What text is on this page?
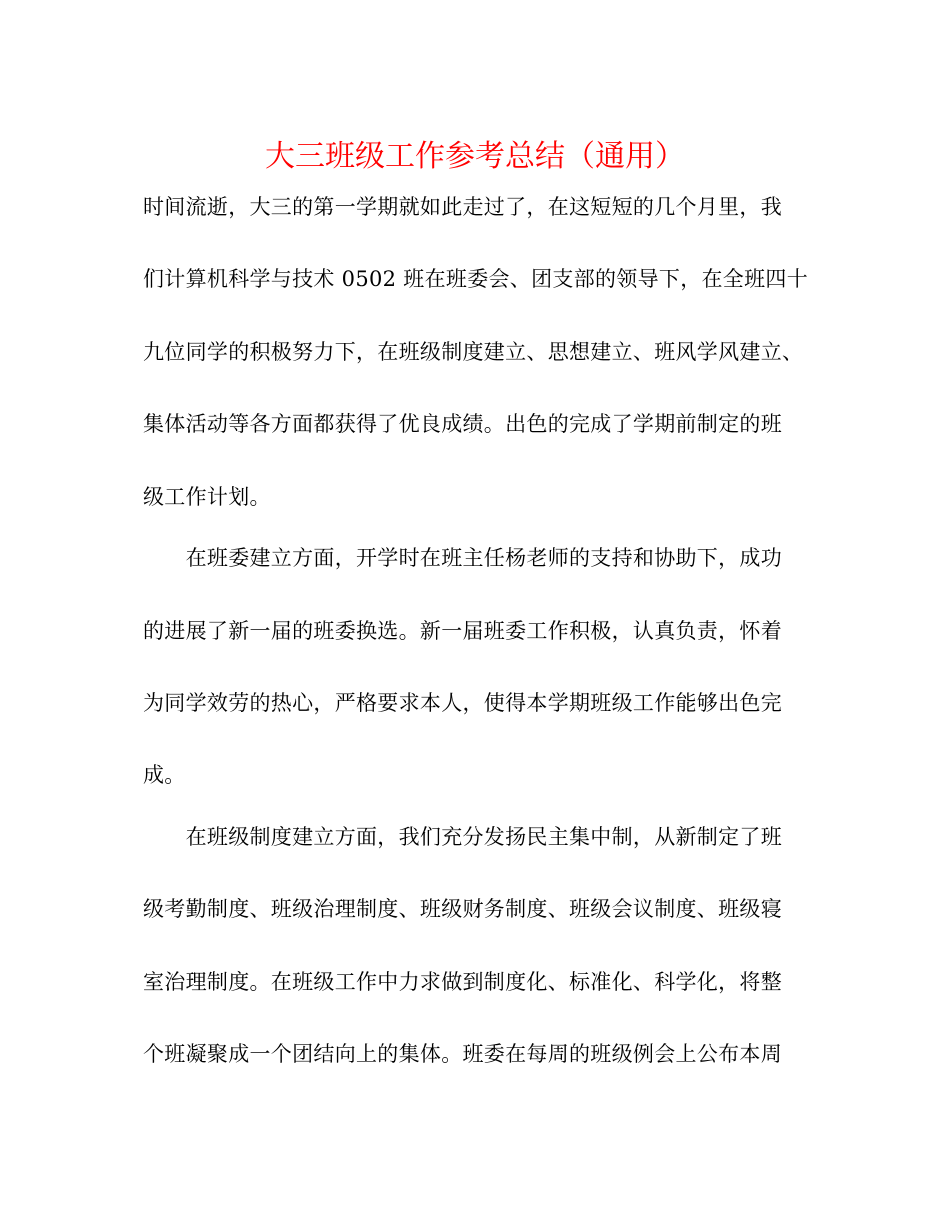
大三班级工作参考总结（通用）
时间流逝，大三的第一学期就如此走过了，在这短短的几个月里，我
们计算机科学与技术 0502 班在班委会、团支部的领导下，在全班四十
九位同学的积极努力下，在班级制度建立、思想建立、班风学风建立、
集体活动等各方面都获得了优良成绩。出色的完成了学期前制定的班
级工作计划。
　　在班委建立方面，开学时在班主任杨老师的支持和协助下，成功
的进展了新一届的班委换选。新一届班委工作积极，认真负责，怀着
为同学效劳的热心，严格要求本人，使得本学期班级工作能够出色完
成。
　　在班级制度建立方面，我们充分发扬民主集中制，从新制定了班
级考勤制度、班级治理制度、班级财务制度、班级会议制度、班级寝
室治理制度。在班级工作中力求做到制度化、标准化、科学化，将整
个班凝聚成一个团结向上的集体。班委在每周的班级例会上公布本周
